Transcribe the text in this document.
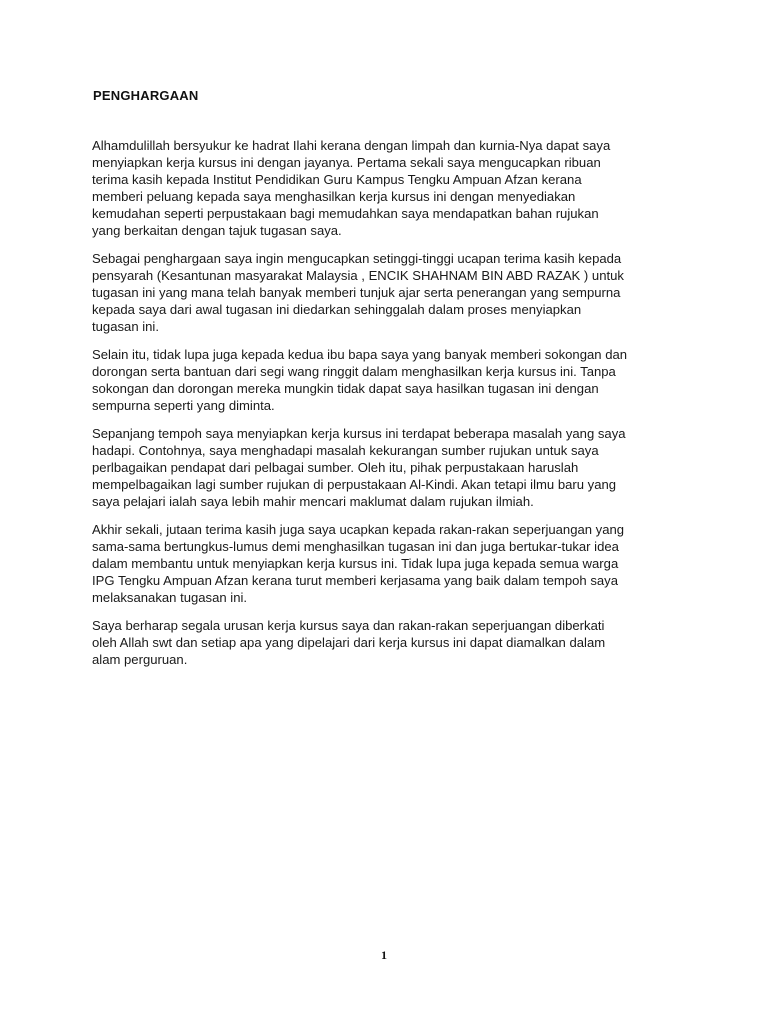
PENGHARGAAN

Alhamdulillah bersyukur ke hadrat Ilahi kerana dengan limpah dan kurnia-Nya dapat saya
menyiapkan kerja kursus ini dengan jayanya. Pertama sekali saya mengucapkan ribuan
terima kasih kepada Institut Pendidikan Guru Kampus Tengku Ampuan Afzan kerana
memberi peluang kepada saya menghasilkan kerja kursus ini dengan menyediakan
kemudahan seperti perpustakaan bagi memudahkan saya mendapatkan bahan rujukan
yang berkaitan dengan tajuk tugasan saya.

Sebagai penghargaan saya ingin mengucapkan setinggi-tinggi ucapan terima kasih kepada
pensyarah (Kesantunan masyarakat Malaysia , ENCIK SHAHNAM BIN ABD RAZAK ) untuk
tugasan ini yang mana telah banyak memberi tunjuk ajar serta penerangan yang sempurna
kepada saya dari awal tugasan ini diedarkan sehinggalah dalam proses menyiapkan
tugasan ini.

Selain itu, tidak lupa juga kepada kedua ibu bapa saya yang banyak memberi sokongan dan
dorongan serta bantuan dari segi wang ringgit dalam menghasilkan kerja kursus ini. Tanpa
sokongan dan dorongan mereka mungkin tidak dapat saya hasilkan tugasan ini dengan
sempurna seperti yang diminta.

Sepanjang tempoh saya menyiapkan kerja kursus ini terdapat beberapa masalah yang saya
hadapi. Contohnya, saya menghadapi masalah kekurangan sumber rujukan untuk saya
perlbagaikan pendapat dari pelbagai sumber. Oleh itu, pihak perpustakaan haruslah
mempelbagaikan lagi sumber rujukan di perpustakaan Al-Kindi. Akan tetapi ilmu baru yang
saya pelajari ialah saya lebih mahir mencari maklumat dalam rujukan ilmiah.

Akhir sekali, jutaan terima kasih juga saya ucapkan kepada rakan-rakan seperjuangan yang
sama-sama bertungkus-lumus demi menghasilkan tugasan ini dan juga bertukar-tukar idea
dalam membantu untuk menyiapkan kerja kursus ini. Tidak lupa juga kepada semua warga
IPG Tengku Ampuan Afzan kerana turut memberi kerjasama yang baik dalam tempoh saya
melaksanakan tugasan ini.

Saya berharap segala urusan kerja kursus saya dan rakan-rakan seperjuangan diberkati
oleh Allah swt dan setiap apa yang dipelajari dari kerja kursus ini dapat diamalkan dalam
alam perguruan.

1
